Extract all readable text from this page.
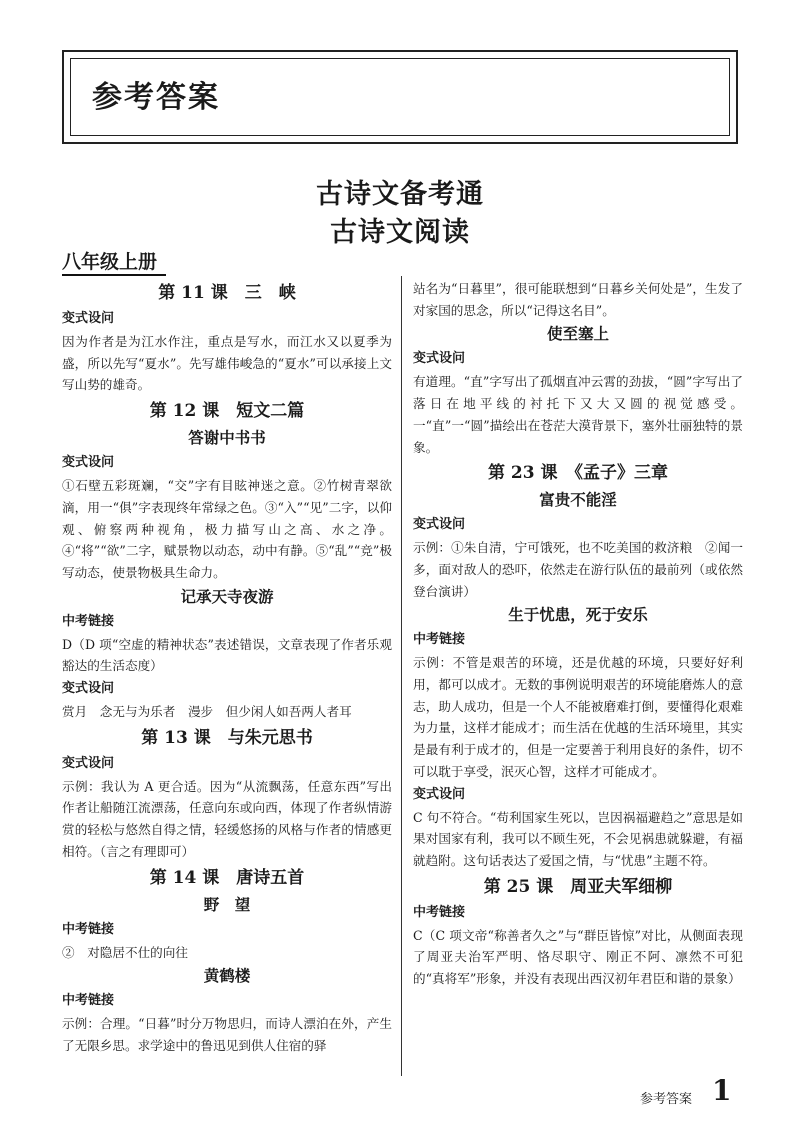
参考答案
古诗文备考通
古诗文阅读
八年级上册
第 11 课　三　峡
变式设问
因为作者是为江水作注，重点是写水，而江水又以夏季为盛，所以先写“夏水”。先写雄伟峻急的“夏水”可以承接上文写山势的雄奇。
第 12 课　短文二篇
答谢中书书
变式设问
①石壁五彩斑斓，“交”字有目眩神迷之意。②竹树青翠欲滴，用一“俱”字表现终年常绿之色。③“入”“见”二字，以仰观、俯察两种视角，极力描写山之高、水之净。④“将”“欲”二字，赋景物以动态，动中有静。⑤“乱”“竞”极写动态，使景物极具生命力。
记承天寺夜游
中考链接
D（D 项“空虚的精神状态”表述错误，文章表现了作者乐观豁达的生活态度）
变式设问
赏月　念无与为乐者　漫步　但少闲人如吾两人者耳
第 13 课　与朱元思书
变式设问
示例：我认为 A 更合适。因为“从流飘荡，任意东西”写出作者让船随江流漂荡，任意向东或向西，体现了作者纵情游赏的轻松与悠然自得之情，轻缓悠扬的风格与作者的情感更相符。（言之有理即可）
第 14 课　唐诗五首
野　望
中考链接
②　对隐居不仕的向往
黄鹤楼
中考链接
示例：合理。“日暮”时分万物思归，而诗人漂泊在外，产生了无限乡思。求学途中的鲁迅见到供人住宿的驿
站名为“日暮里”，很可能联想到“日暮乡关何处是”，生发了对家国的思念，所以“记得这名目”。
使至塞上
变式设问
有道理。“直”字写出了孤烟直冲云霄的劲拔，“圆”字写出了落日在地平线的衬托下又大又圆的视觉感受。一“直”一“圆”描绘出在苍茫大漠背景下，塞外壮丽独特的景象。
第 23 课　《孟子》三章
富贵不能淫
变式设问
示例：①朱自清，宁可饿死，也不吃美国的救济粮　②闻一多，面对敌人的恐吓，依然走在游行队伍的最前列（或依然登台演讲）
生于忧患，死于安乐
中考链接
示例：不管是艰苦的环境，还是优越的环境，只要好好利用，都可以成才。无数的事例说明艰苦的环境能磨炼人的意志，助人成功，但是一个人不能被磨难打倒，要懂得化艰难为力量，这样才能成才；而生活在优越的生活环境里，其实是最有利于成才的，但是一定要善于利用良好的条件，切不可以耽于享受，泯灭心智，这样才可能成才。
变式设问
C 句不符合。“苟利国家生死以，岂因祸福避趋之”意思是如果对国家有利，我可以不顾生死，不会见祸患就躲避，有福就趋附。这句话表达了爱国之情，与“忧患”主题不符。
第 25 课　周亚夫军细柳
中考链接
C（C 项文帝“称善者久之”与“群臣皆惊”对比，从侧面表现了周亚夫治军严明、恪尽职守、刚正不阿、凛然不可犯的“真将军”形象，并没有表现出西汉初年君臣和谐的景象）
参考答案 1
